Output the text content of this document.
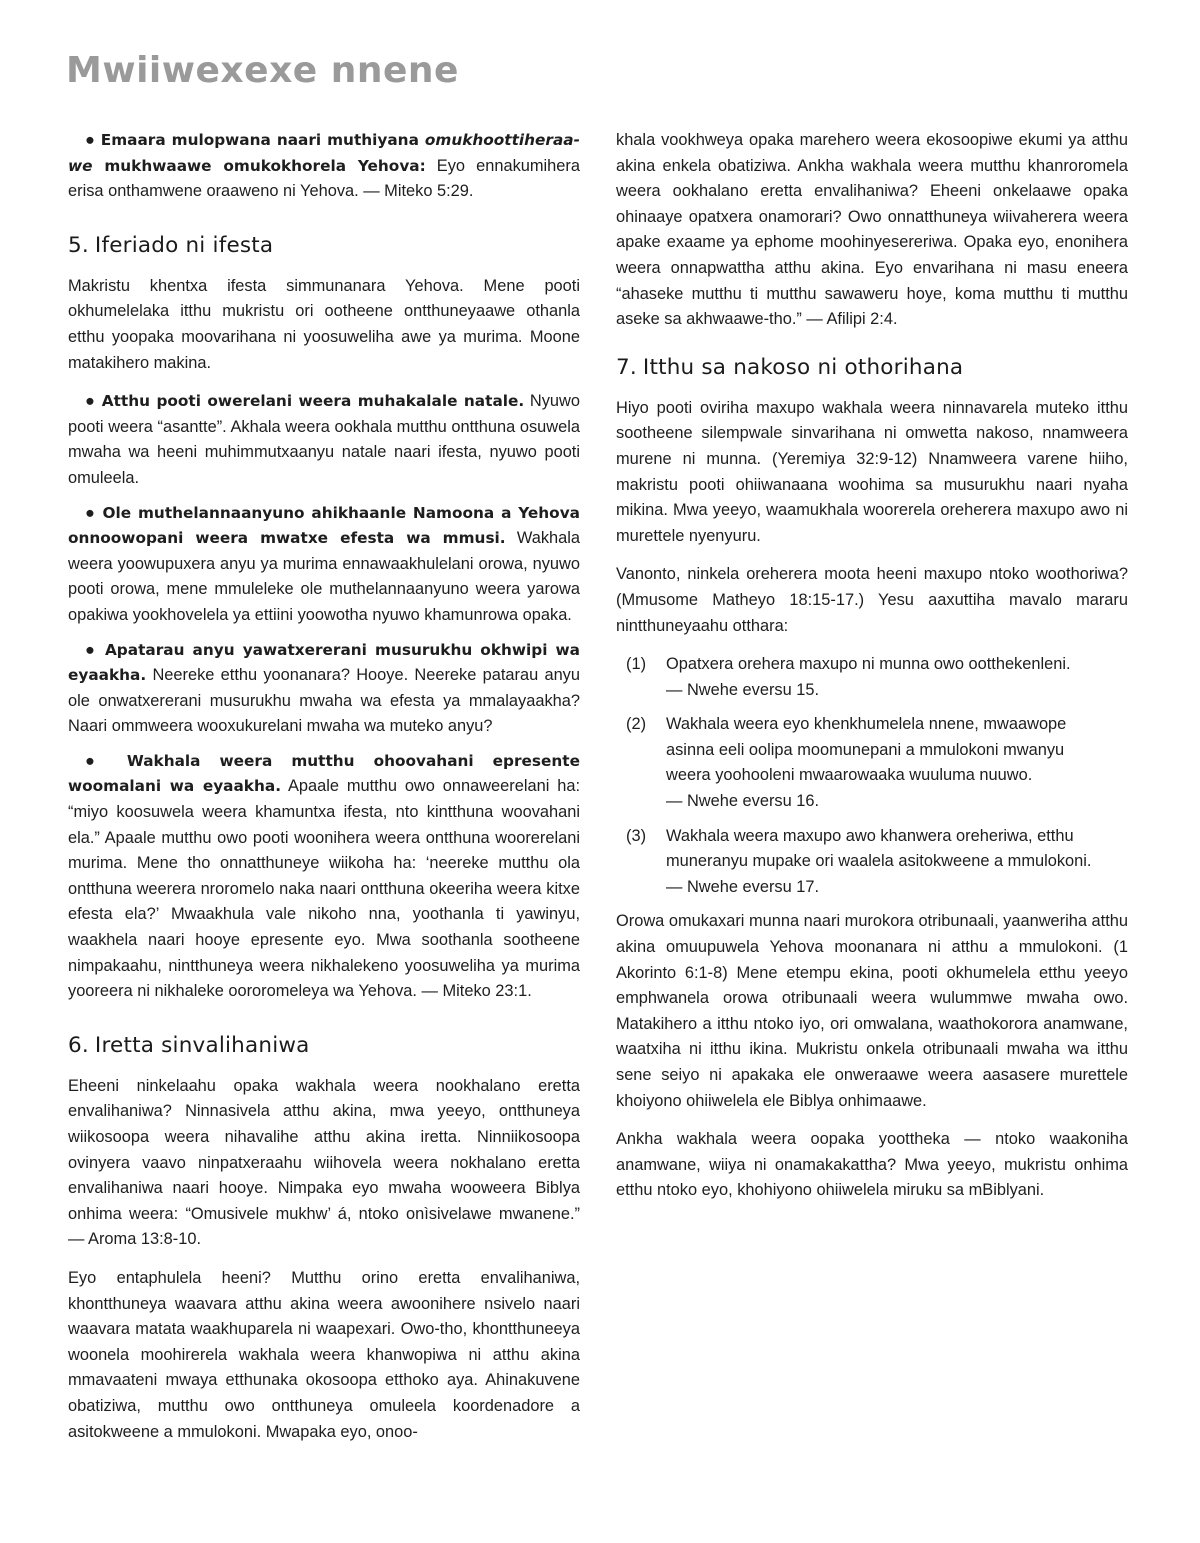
Mwiiwexexe nnene

● Emaara mulopwana naari muthiyana omukhoottiheraawe mukhwaawe omukokhorela Yehova: Eyo ennakumihera erisa onthamwene oraaweno ni Yehova. — Miteko 5:29.

5. Iferiado ni ifesta

Makristu khentxa ifesta simmunanara Yehova. Mene pooti okhumelelaka itthu mukristu ori ootheene ontthuneyaawe othanla etthu yoopaka moovarihana ni yoosuweliha awe ya murima. Moone matakihero makina.

● Atthu pooti owerelani weera muhakalale natale. Nyuwo pooti weera “asantte”. Akhala weera ookhala mutthu ontthuna osuwela mwaha wa heeni muhimmutxaanyu natale naari ifesta, nyuwo pooti omuleela.

● Ole muthelannaanyuno ahikhaanle Namoona a Yehova onnoowopani weera mwatxe efesta wa mmusi. Wakhala weera yoowupuxera anyu ya murima ennawaakhulelani orowa, nyuwo pooti orowa, mene mmuleleke ole muthelannaanyuno weera yarowa opakiwa yookhovelela ya ettiini yoowotha nyuwo khamunrowa opaka.

● Apatarau anyu yawatxererani musurukhu okhwipi wa eyaakha. Neereke etthu yoonanara? Hooye. Neereke patarau anyu ole onwatxererani musurukhu mwaha wa efesta ya mmalayaakha? Naari ommweera wooxukurelani mwaha wa muteko anyu?

● Wakhala weera mutthu ohoovahani epresente woomalani wa eyaakha. Apaale mutthu owo onnaweerelani ha: “miyo koosuwela weera khamuntxa ifesta, nto kintthuna woovahani ela.” Apaale mutthu owo pooti woonihera weera ontthuna woorerelani murima. Mene tho onnatthuneye wiikoha ha: ‘neereke mutthu ola ontthuna weerera nroromelo naka naari ontthuna okeeriha weera kitxe efesta ela?’ Mwaakhula vale nikoho nna, yoothanla ti yawinyu, waakhela naari hooye epresente eyo. Mwa soothanla sootheene nimpakaahu, nintthuneya weera nikhalekeno yoosuweliha ya murima yooreera ni nikhaleke oororomeleya wa Yehova. — Miteko 23:1.

6. Iretta sinvalihaniwa

Eheeni ninkelaahu opaka wakhala weera nookhalano eretta envalihaniwa? Ninnasivela atthu akina, mwa yeeyo, ontthuneya wiikosoopa weera nihavalihe atthu akina iretta. Ninniikosoopa ovinyera vaavo ninpatxeraahu wiihovela weera nokhalano eretta envalihaniwa naari hooye. Nimpaka eyo mwaha wooweera Biblya onhima weera: “Omusivele mukhw’ á, ntoko onìsivelawe mwanene.” — Aroma 13:8-10.

Eyo entaphulela heeni? Mutthu orino eretta envalihaniwa, khontthuneya waavara atthu akina weera awoonihere nsivelo naari waavara matata waakhuparela ni waapexari. Owo-tho, khontthuneeya woonela moohirerela wakhala weera khanwopiwa ni atthu akina mmavaateni mwaya etthunaka okosoopa etthoko aya. Ahinakuvene obatiziwa, mutthu owo ontthuneya omuleela koordenadore a asitokweene a mmulokoni. Mwapaka eyo, onoo-

khala vookhweya opaka marehero weera ekosoopiwe ekumi ya atthu akina enkela obatiziwa. Ankha wakhala weera mutthu khanroromela weera ookhalano eretta envalihaniwa? Eheeni onkelaawe opaka ohinaaye opatxera onamorari? Owo onnatthuneya wiivaherera weera apake exaame ya ephome moohinyesereriwa. Opaka eyo, enonihera weera onnapwattha atthu akina. Eyo envarihana ni masu eneera “ahaseke mutthu ti mutthu sawaweru hoye, koma mutthu ti mutthu aseke sa akhwaawe-tho.” — Afilipi 2:4.

7. Itthu sa nakoso ni othorihana

Hiyo pooti oviriha maxupo wakhala weera ninnavarela muteko itthu sootheene silempwale sinvarihana ni omwetta nakoso, nnamweera murene ni munna. (Yeremiya 32:9-12) Nnamweera varene hiiho, makristu pooti ohiiwanaana woohima sa musurukhu naari nyaha mikina. Mwa yeeyo, waamukhala woorerela oreherera maxupo awo ni murettele nyenyuru.

Vanonto, ninkela oreherera moota heeni maxupo ntoko woothoriwa? (Mmusome Matheyo 18:15-17.) Yesu aaxuttiha mavalo mararu nintthuneyaahu otthara:

(1)	Opatxera orehera maxupo ni munna owo ootthekenleni.
— Nwehe eversu 15.
(2)	Wakhala weera eyo khenkhumelela nnene, mwaawope asinna eeli oolipa moomunepani a mmulokoni mwanyu weera yoohooleni mwaarowaaka wuuluma nuuwo.
— Nwehe eversu 16.
(3)	Wakhala weera maxupo awo khanwera oreheriwa, etthu muneranyu mupake ori waalela asitokweene a mmulokoni. — Nwehe eversu 17.

Orowa omukaxari munna naari murokora otribunaali, yaanweriha atthu akina omuupuwela Yehova moonanara ni atthu a mmulokoni. (1 Akorinto 6:1-8) Mene etempu ekina, pooti okhumelela etthu yeeyo emphwanela orowa otribunaali weera wulummwe mwaha owo. Matakihero a itthu ntoko iyo, ori omwalana, waathokorora anamwane, waatxiha ni itthu ikina. Mukristu onkela otribunaali mwaha wa itthu sene seiyo ni apakaka ele onweraawe weera aasasere murettele khoiyono ohiiwelela ele Biblya onhimaawe.

Ankha wakhala weera oopaka yoottheka — ntoko waakoniha anamwane, wiiya ni onamakakattha? Mwa yeeyo, mukristu onhima etthu ntoko eyo, khohiyono ohiiwelela miruku sa mBiblyani.
